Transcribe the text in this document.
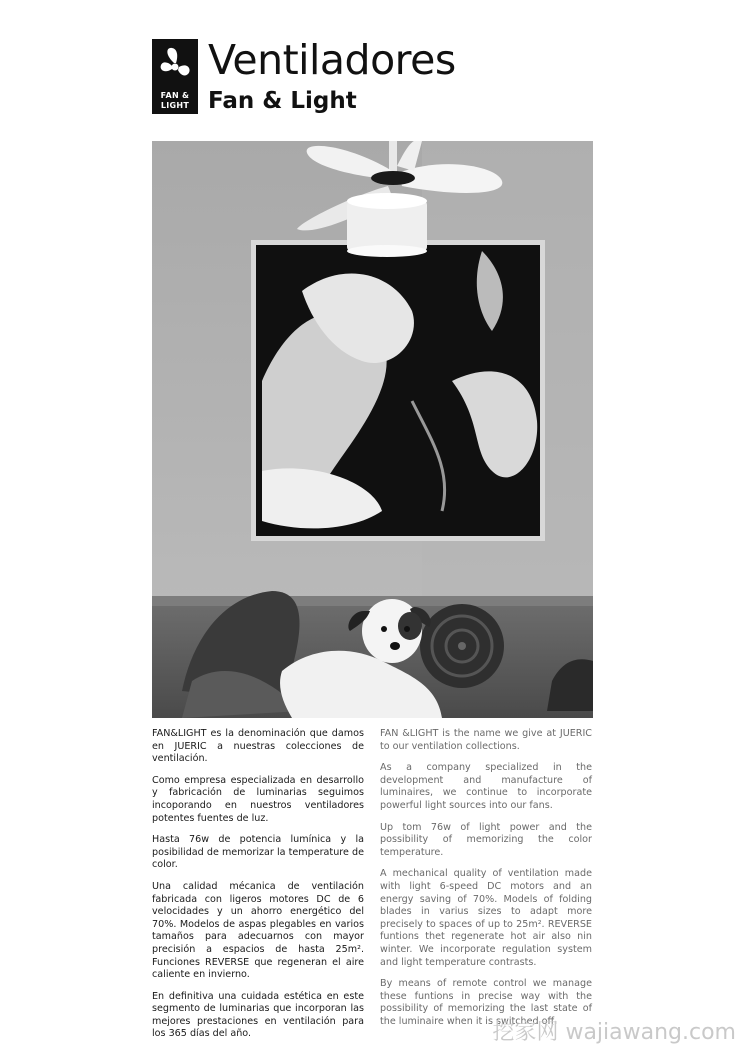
FAN &
LIGHT
Ventiladores
Fan & Light

FAN&LIGHT es la denominación que damos en JUERIC a nuestras colecciones de ventilación.

Como empresa especializada en desarrollo y fabricación de luminarias seguimos incoporando en nuestros ventiladores potentes fuentes de luz.

Hasta 76w de potencia lumínica y la posibilidad de memorizar la temperature de color.

Una calidad mécanica de ventilación fabricada con ligeros motores DC de 6 velocidades y un ahorro energético del 70%. Modelos de aspas plegables en varios tamaños para adecuarnos con mayor precisión a espacios de hasta 25m². Funciones REVERSE que regeneran el aire caliente en invierno.

En definitiva una cuidada estética en este segmento de luminarias que incorporan las mejores prestaciones en ventilación para los 365 días del año.

FAN &LIGHT is the name we give at JUERIC to our ventilation collections.

As a company specialized in the development and manufacture of luminaires, we continue to incorporate powerful light sources into our fans.

Up tom 76w of light power and the possibility of memorizing the color temperature.

A mechanical quality of ventilation made with light 6-speed DC motors and an energy saving of 70%. Models of folding blades in varius sizes to adapt more precisely to spaces of up to 25m². REVERSE funtions thet regenerate hot air also nin winter. We incorporate regulation system and light temperature contrasts.

By means of remote control we manage these funtions in precise way with the possibility of memorizing the last state of the luminaire when it is switched off.

挖家网 wajiawang.com
